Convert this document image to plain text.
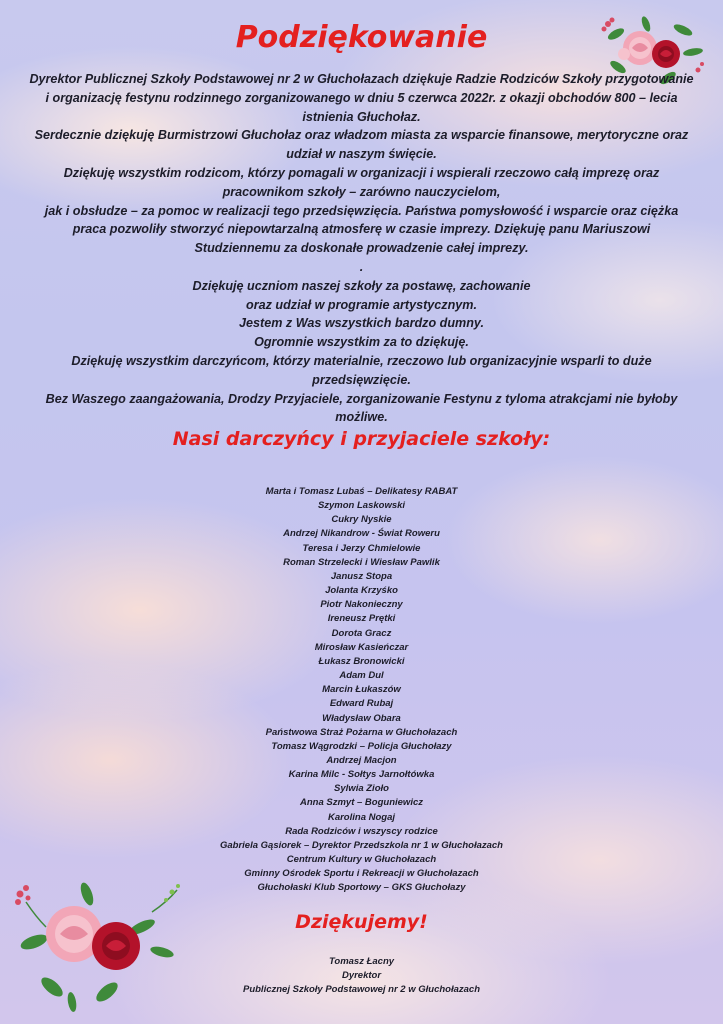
Podziękowanie

Dyrektor Publicznej Szkoły Podstawowej nr 2 w Głuchołazach dziękuje Radzie Rodziców Szkoły przygotowanie i organizację festynu rodzinnego zorganizowanego w dniu 5 czerwca 2022r. z okazji obchodów 800 – lecia istnienia Głuchołaz.

Serdecznie dziękuję Burmistrzowi Głuchołaz oraz władzom miasta za wsparcie finansowe, merytoryczne oraz udział w naszym święcie.

Dziękuję wszystkim rodzicom, którzy pomagali w organizacji i wspierali rzeczowo całą imprezę oraz pracownikom szkoły – zarówno nauczycielom,

jak i obsłudze – za pomoc w realizacji tego przedsięwzięcia. Państwa pomysłowość i wsparcie oraz ciężka praca pozwoliły stworzyć niepowtarzalną atmosferę w czasie imprezy. Dziękuję panu Mariuszowi Studziennemu za doskonałe prowadzenie całej imprezy.

.

Dziękuję uczniom naszej szkoły za postawę, zachowanie

oraz udział w programie artystycznym.

Jestem z Was wszystkich bardzo dumny.

Ogromnie wszystkim za to dziękuję.

Dziękuję wszystkim darczyńcom, którzy materialnie, rzeczowo lub organizacyjnie wsparli to duże przedsięwzięcie.

Bez Waszego zaangażowania, Drodzy Przyjaciele, zorganizowanie Festynu z tyloma atrakcjami nie byłoby możliwe.

Nasi darczyńcy i przyjaciele szkoły:
Marta i Tomasz Lubaś – Delikatesy RABAT
Szymon Laskowski
Cukry Nyskie
Andrzej Nikandrow - Świat Roweru
Teresa i Jerzy Chmielowie
Roman Strzelecki i Wiesław Pawlik
Janusz Stopa
Jolanta Krzyśko
Piotr Nakonieczny
Ireneusz Prętki
Dorota Gracz
Mirosław Kasieńczar
Łukasz Bronowicki
Adam Dul
Marcin Łukaszów
Edward Rubaj
Władysław Obara
Państwowa Straż Pożarna w Głuchołazach
Tomasz Wągrodzki – Policja Głuchołazy
Andrzej Macjon
Karina Milc - Sołtys Jarnołtówka
Sylwia Zioło
Anna Szmyt – Boguniewicz
Karolina Nogaj
Rada Rodziców i wszyscy rodzice
Gabriela Gąsiorek – Dyrektor Przedszkola nr 1 w Głuchołazach
Centrum Kultury w Głuchołazach
Gminny Ośrodek Sportu i Rekreacji w Głuchołazach
Głuchołaski Klub Sportowy – GKS Głuchołazy
Dziękujemy!
Tomasz Łacny
Dyrektor
Publicznej Szkoły Podstawowej nr 2 w Głuchołazach
